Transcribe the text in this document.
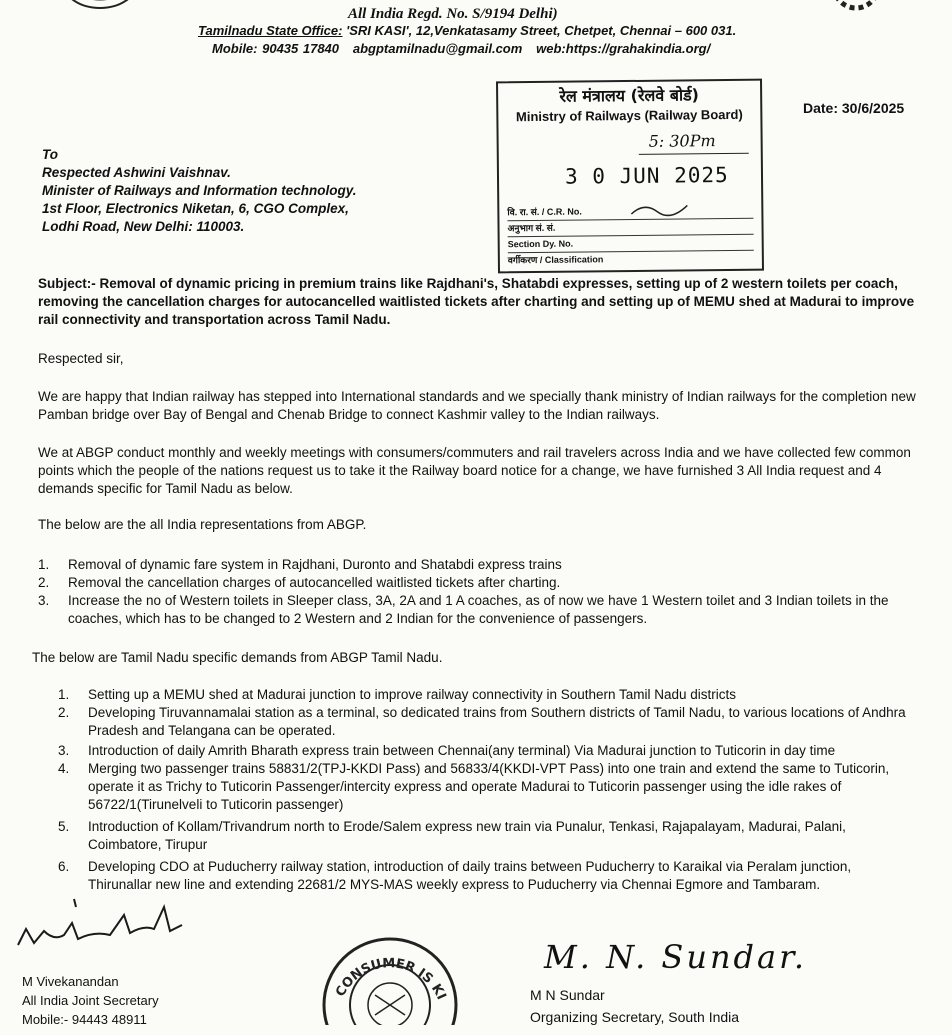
All India Regd. No. S/9194 Delhi)
Tamilnadu State Office: 'SRI KASI', 12,Venkatasamy Street, Chetpet, Chennai – 600 031.
Mobile: 90435 17840 abgptamilnadu@gmail.com web:https://grahakindia.org/
रेल मंत्रालय (रेलवे बोर्ड)
Ministry of Railways (Railway Board)
5: 30Pm
3 0 JUN 2025
वि. रा. सं. / C.R. No.
अनुभाग सं. सं.
Section Dy. No.
वर्गीकरण / Classification
Date: 30/6/2025
To
Respected Ashwini Vaishnav.
Minister of Railways and Information technology.
1st Floor, Electronics Niketan, 6, CGO Complex,
Lodhi Road, New Delhi: 110003.
Subject:- Removal of dynamic pricing in premium trains like Rajdhani's, Shatabdi expresses, setting up of 2 western toilets per coach,
removing the cancellation charges for autocancelled waitlisted tickets after charting and setting up of MEMU shed at Madurai to improve
rail connectivity and transportation across Tamil Nadu.
Respected sir,
We are happy that Indian railway has stepped into International standards and we specially thank ministry of Indian railways for the completion new
Pamban bridge over Bay of Bengal and Chenab Bridge to connect Kashmir valley to the Indian railways.
We at ABGP conduct monthly and weekly meetings with consumers/commuters and rail travelers across India and we have collected few common
points which the people of the nations request us to take it the Railway board notice for a change, we have furnished 3 All India request and 4
demands specific for Tamil Nadu as below.
The below are the all India representations from ABGP.
1. Removal of dynamic fare system in Rajdhani, Duronto and Shatabdi express trains
2. Removal the cancellation charges of autocancelled waitlisted tickets after charting.
3. Increase the no of Western toilets in Sleeper class, 3A, 2A and 1 A coaches, as of now we have 1 Western toilet and 3 Indian toilets in the
coaches, which has to be changed to 2 Western and 2 Indian for the convenience of passengers.
The below are Tamil Nadu specific demands from ABGP Tamil Nadu.
1. Setting up a MEMU shed at Madurai junction to improve railway connectivity in Southern Tamil Nadu districts
2. Developing Tiruvannamalai station as a terminal, so dedicated trains from Southern districts of Tamil Nadu, to various locations of Andhra
Pradesh and Telangana can be operated.
3. Introduction of daily Amrith Bharath express train between Chennai(any terminal) Via Madurai junction to Tuticorin in day time
4. Merging two passenger trains 58831/2(TPJ-KKDI Pass) and 56833/4(KKDI-VPT Pass) into one train and extend the same to Tuticorin,
operate it as Trichy to Tuticorin Passenger/intercity express and operate Madurai to Tuticorin passenger using the idle rakes of
56722/1(Tirunelveli to Tuticorin passenger)
5. Introduction of Kollam/Trivandrum north to Erode/Salem express new train via Punalur, Tenkasi, Rajapalayam, Madurai, Palani,
Coimbatore, Tirupur
6. Developing CDO at Puducherry railway station, introduction of daily trains between Puducherry to Karaikal via Peralam junction,
Thirunallar new line and extending 22681/2 MYS-MAS weekly express to Puducherry via Chennai Egmore and Tambaram.
M Vivekanandan
All India Joint Secretary
Mobile:- 94443 48911
CONSUMER IS KI
M. N. Sundar.
M N Sundar
Organizing Secretary, South India
